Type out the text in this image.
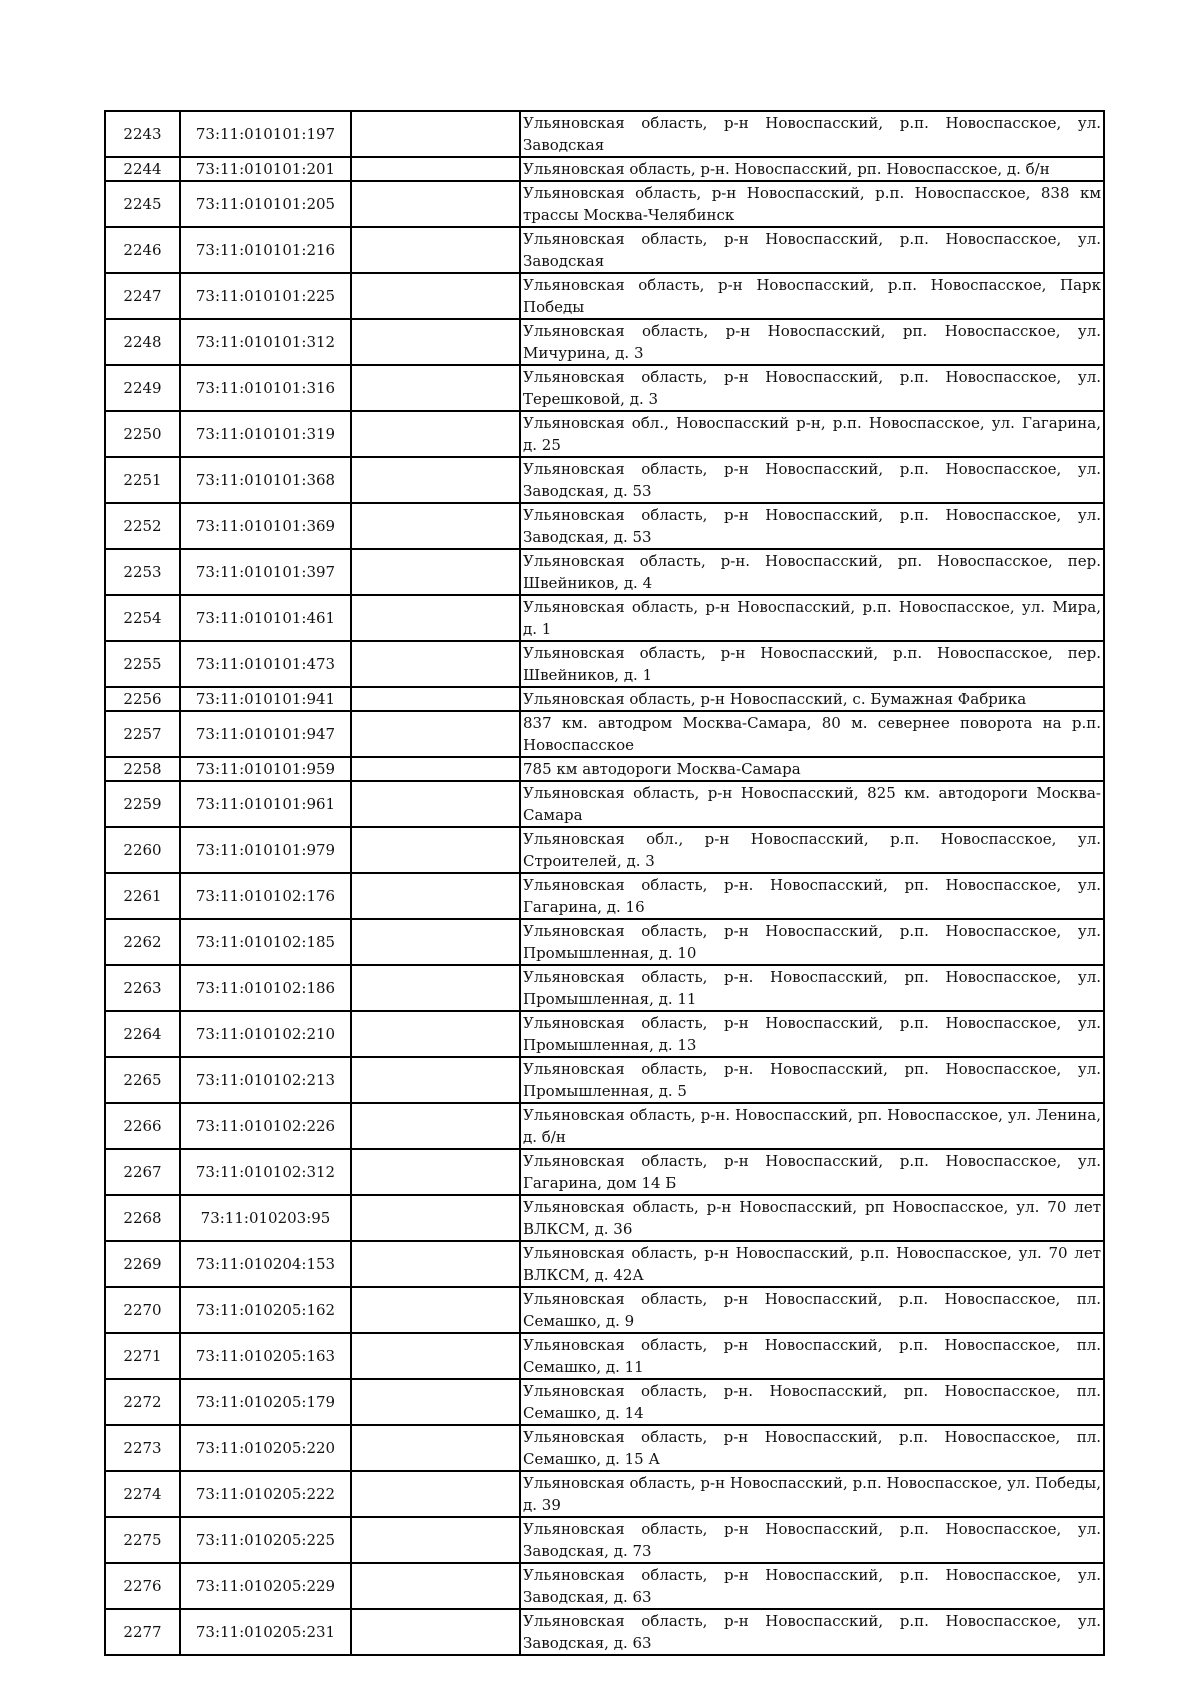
2243	73:11:010101:197		Ульяновская область, р-н Новоспасский, р.п. Новоспасское, ул. Заводская
2244	73:11:010101:201		Ульяновская область, р-н. Новоспасский, рп. Новоспасское, д. б/н
2245	73:11:010101:205		Ульяновская область, р-н Новоспасский, р.п. Новоспасское, 838 км трассы Москва-Челябинск
2246	73:11:010101:216		Ульяновская область, р-н Новоспасский, р.п. Новоспасское, ул. Заводская
2247	73:11:010101:225		Ульяновская область, р-н Новоспасский, р.п. Новоспасское, Парк Победы
2248	73:11:010101:312		Ульяновская область, р-н Новоспасский, рп. Новоспасское, ул. Мичурина, д. 3
2249	73:11:010101:316		Ульяновская область, р-н Новоспасский, р.п. Новоспасское, ул. Терешковой, д. 3
2250	73:11:010101:319		Ульяновская обл., Новоспасский р-н, р.п. Новоспасское, ул. Гагарина, д. 25
2251	73:11:010101:368		Ульяновская область, р-н Новоспасский, р.п. Новоспасское, ул. Заводская, д. 53
2252	73:11:010101:369		Ульяновская область, р-н Новоспасский, р.п. Новоспасское, ул. Заводская, д. 53
2253	73:11:010101:397		Ульяновская область, р-н. Новоспасский, рп. Новоспасское, пер. Швейников, д. 4
2254	73:11:010101:461		Ульяновская область, р-н Новоспасский, р.п. Новоспасское, ул. Мира, д. 1
2255	73:11:010101:473		Ульяновская область, р-н Новоспасский, р.п. Новоспасское, пер. Швейников, д. 1
2256	73:11:010101:941		Ульяновская область, р-н Новоспасский, с. Бумажная Фабрика
2257	73:11:010101:947		837 км. автодром Москва-Самара, 80 м. севернее поворота на р.п. Новоспасское
2258	73:11:010101:959		785 км автодороги Москва-Самара
2259	73:11:010101:961		Ульяновская область, р-н Новоспасский, 825 км. автодороги Москва-Самара
2260	73:11:010101:979		Ульяновская обл., р-н Новоспасский, р.п. Новоспасское, ул. Строителей, д. 3
2261	73:11:010102:176		Ульяновская область, р-н. Новоспасский, рп. Новоспасское, ул. Гагарина, д. 16
2262	73:11:010102:185		Ульяновская область, р-н Новоспасский, р.п. Новоспасское, ул. Промышленная, д. 10
2263	73:11:010102:186		Ульяновская область, р-н. Новоспасский, рп. Новоспасское, ул. Промышленная, д. 11
2264	73:11:010102:210		Ульяновская область, р-н Новоспасский, р.п. Новоспасское, ул. Промышленная, д. 13
2265	73:11:010102:213		Ульяновская область, р-н. Новоспасский, рп. Новоспасское, ул. Промышленная, д. 5
2266	73:11:010102:226		Ульяновская область, р-н. Новоспасский, рп. Новоспасское, ул. Ленина, д. б/н
2267	73:11:010102:312		Ульяновская область, р-н Новоспасский, р.п. Новоспасское, ул. Гагарина, дом 14 Б
2268	73:11:010203:95		Ульяновская область, р-н Новоспасский, рп Новоспасское, ул. 70 лет ВЛКСМ, д. 36
2269	73:11:010204:153		Ульяновская область, р-н Новоспасский, р.п. Новоспасское, ул. 70 лет ВЛКСМ, д. 42А
2270	73:11:010205:162		Ульяновская область, р-н Новоспасский, р.п. Новоспасское, пл. Семашко, д. 9
2271	73:11:010205:163		Ульяновская область, р-н Новоспасский, р.п. Новоспасское, пл. Семашко, д. 11
2272	73:11:010205:179		Ульяновская область, р-н. Новоспасский, рп. Новоспасское, пл. Семашко, д. 14
2273	73:11:010205:220		Ульяновская область, р-н Новоспасский, р.п. Новоспасское, пл. Семашко, д. 15 А
2274	73:11:010205:222		Ульяновская область, р-н Новоспасский, р.п. Новоспасское, ул. Победы, д. 39
2275	73:11:010205:225		Ульяновская область, р-н Новоспасский, р.п. Новоспасское, ул. Заводская, д. 73
2276	73:11:010205:229		Ульяновская область, р-н Новоспасский, р.п. Новоспасское, ул. Заводская, д. 63
2277	73:11:010205:231		Ульяновская область, р-н Новоспасский, р.п. Новоспасское, ул. Заводская, д. 63
